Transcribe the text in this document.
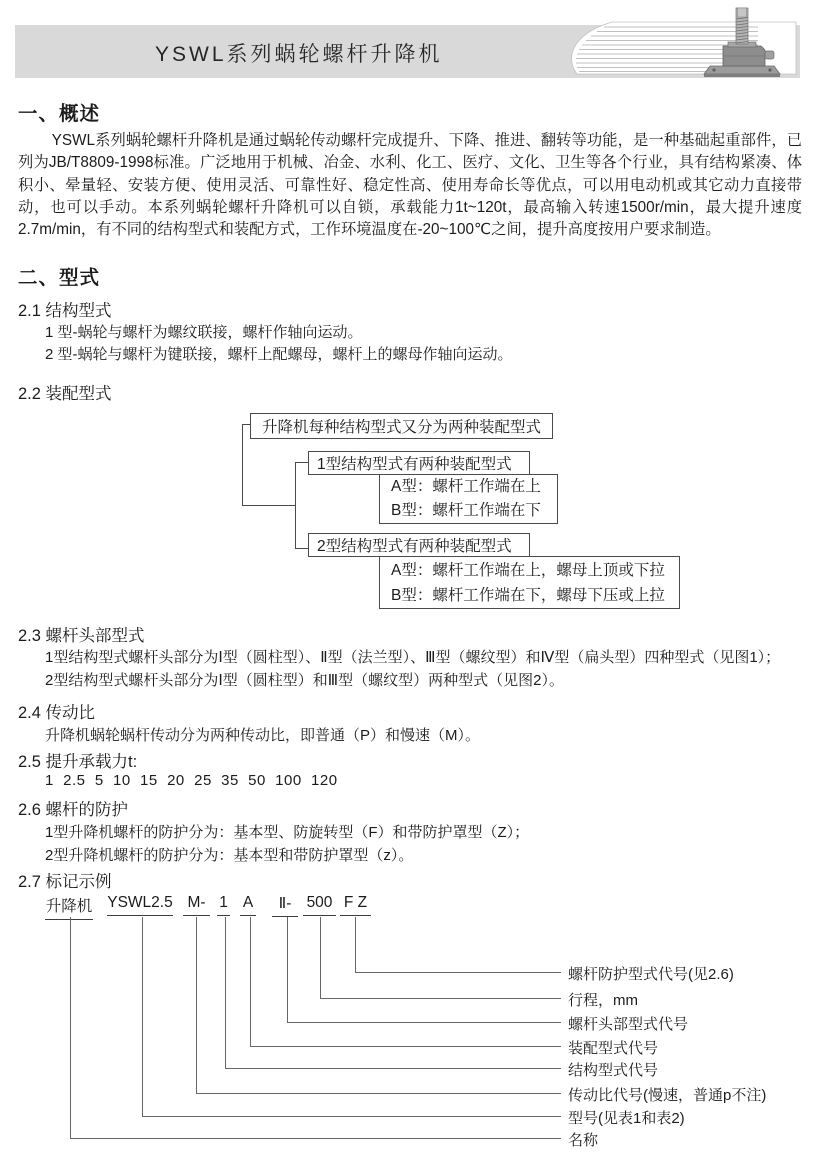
YSWL系列蜗轮螺杆升降机
一、概述
YSWL系列蜗轮螺杆升降机是通过蜗轮传动螺杆完成提升、下降、推进、翻转等功能，是一种基础起重部件，已列为JB/T8809-1998标准。广泛地用于机械、冶金、水利、化工、医疗、文化、卫生等各个行业，具有结构紧凑、体积小、晕量轻、安装方便、使用灵活、可靠性好、稳定性高、使用寿命长等优点，可以用电动机或其它动力直接带动，也可以手动。本系列蜗轮螺杆升降机可以自锁，承载能力1t~120t，最高输入转速1500r/min，最大提升速度2.7m/min，有不同的结构型式和装配方式，工作环境温度在-20~100℃之间，提升高度按用户要求制造。
二、型式
2.1 结构型式
1 型-蜗轮与螺杆为螺纹联接，螺杆作轴向运动。
2 型-蜗轮与螺杆为键联接，螺杆上配螺母，螺杆上的螺母作轴向运动。
2.2 装配型式
升降机每种结构型式又分为两种装配型式
1型结构型式有两种装配型式
A型：螺杆工作端在上
B型：螺杆工作端在下
2型结构型式有两种装配型式
A型：螺杆工作端在上，螺母上顶或下拉
B型：螺杆工作端在下，螺母下压或上拉
2.3 螺杆头部型式
1型结构型式螺杆头部分为Ⅰ型（圆柱型）、Ⅱ型（法兰型）、Ⅲ型（螺纹型）和Ⅳ型（扁头型）四种型式（见图1）；
2型结构型式螺杆头部分为Ⅰ型（圆柱型）和Ⅲ型（螺纹型）两种型式（见图2）。
2.4 传动比
升降机蜗轮蜗杆传动分为两种传动比，即普通（P）和慢速（M）。
2.5 提升承载力t:
1  2.5  5  10  15  20  25  35  50  100  120
2.6 螺杆的防护
1型升降机螺杆的防护分为：基本型、防旋转型（F）和带防护罩型（Z）；
2型升降机螺杆的防护分为：基本型和带防护罩型（z）。
2.7 标记示例
升降机 YSWL2.5 M- 1 A	Ⅱ- 500 F Z
螺杆防护型式代号(见2.6)
行程，mm
螺杆头部型式代号
装配型式代号
结构型式代号
传动比代号(慢速，普通p不注)
型号(见表1和表2)
名称
